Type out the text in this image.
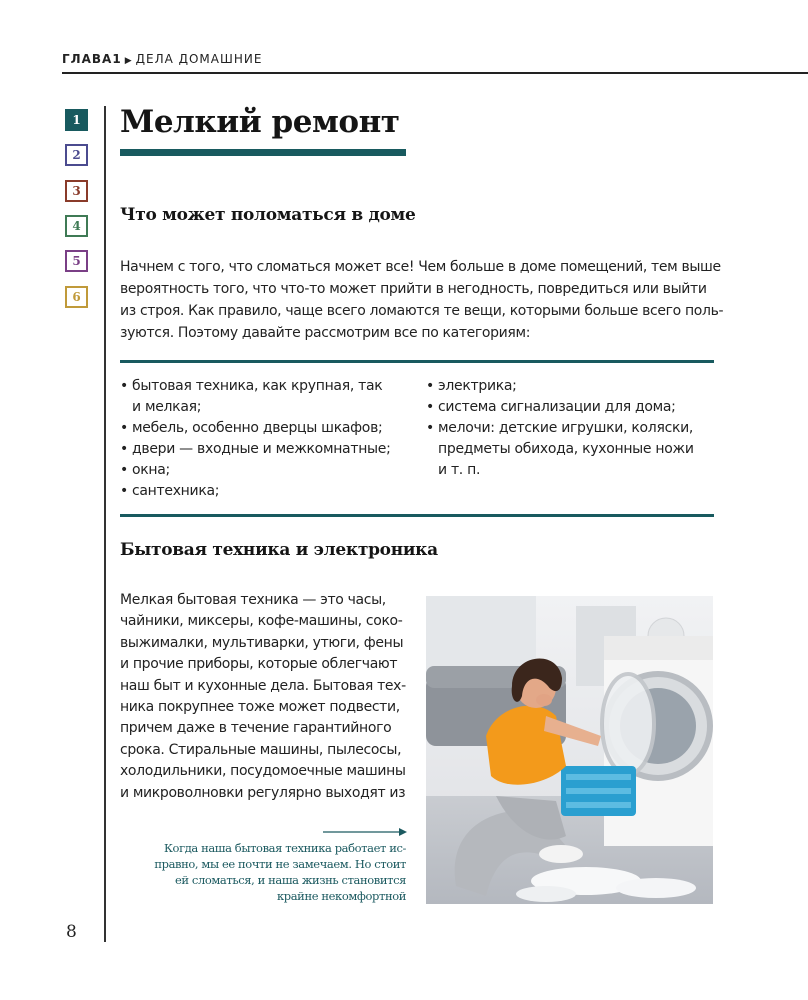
ГЛАВА1 ▶ ДЕЛА ДОМАШНИЕ
1
2
3
4
5
6
Мелкий ремонт
Что может поломаться в доме
Начнем с того, что сломаться может все! Чем больше в доме помещений, тем выше
вероятность того, что что-то может прийти в негодность, повредиться или выйти
из строя. Как правило, чаще всего ломаются те вещи, которыми больше всего поль-
зуются. Поэтому давайте рассмотрим все по категориям:
• бытовая техника, как крупная, так
и мелкая;
• мебель, особенно дверцы шкафов;
• двери — входные и межкомнатные;
• окна;
• сантехника;
• электрика;
• система сигнализации для дома;
• мелочи: детские игрушки, коляски,
предметы обихода, кухонные ножи
и т. п.
Бытовая техника и электроника
Мелкая бытовая техника — это часы,
чайники, миксеры, кофе-машины, соко-
выжималки, мультиварки, утюги, фены
и прочие приборы, которые облегчают
наш быт и кухонные дела. Бытовая тех-
ника покрупнее тоже может подвести,
причем даже в течение гарантийного
срока. Стиральные машины, пылесосы,
холодильники, посудомоечные машины
и микроволновки регулярно выходят из
Когда наша бытовая техника работает ис-
правно, мы ее почти не замечаем. Но стоит
ей сломаться, и наша жизнь становится
крайне некомфортной
8
